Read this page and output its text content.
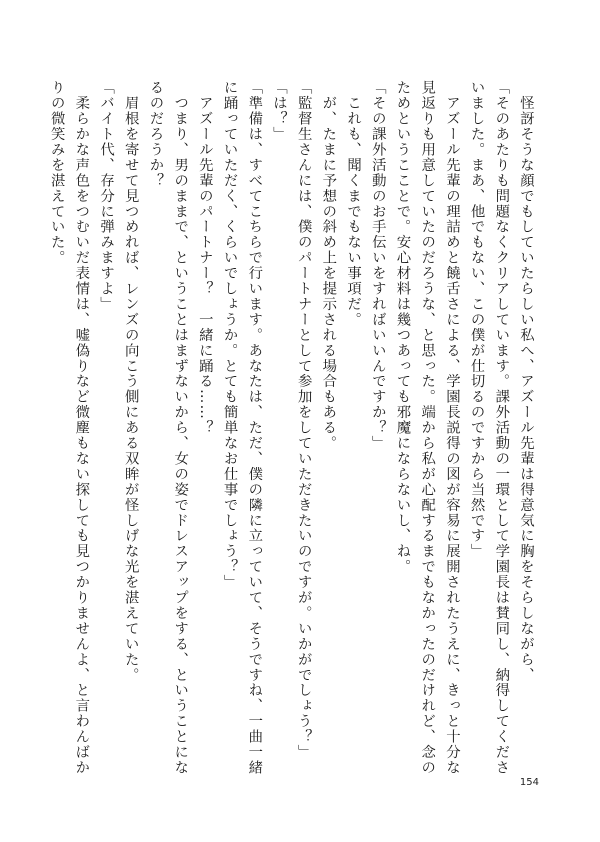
　怪訝そうな顔でもしていたらしい私へ、アズール先輩は得意気に胸をそらしながら、
「そのあたりも問題なくクリアしています。課外活動の一環として学園長は賛同し、納得してくださ
いました。まあ、他でもない、この僕が仕切るのですから当然です」
　アズール先輩の理詰めと饒舌さによる、学園長説得の図が容易に展開されたうえに、きっと十分な
見返りも用意していたのだろうな、と思った。端から私が心配するまでもなかったのだけれど、念の
ためというこことで。安心材料は幾つあっても邪魔にならないし、ね。
「その課外活動のお手伝いをすればいいんですか？」
　これも、聞くまでもない事項だ。
　が、たまに予想の斜め上を提示される場合もある。
「監督生さんには、僕のパートナーとして参加をしていただきたいのですが。いかがでしょう？」
「は？」
「準備は、すべてこちらで行います。あなたは、ただ、僕の隣に立っていて、そうですね、一曲一緒
に踊っていただく、くらいでしょうか。とても簡単なお仕事でしょう？」
　アズール先輩のパートナー？　一緒に踊る……？
　つまり、男のままで、ということはまずないから、女の姿でドレスアップをする、ということにな
るのだろうか？
　眉根を寄せて見つめれば、レンズの向こう側にある双眸が怪しげな光を湛えていた。
「バイト代、存分に弾みますよ」
　柔らかな声色をつむいだ表情は、嘘偽りなど微塵もない探しても見つかりませんよ、と言わんばか
りの微笑みを湛えていた。
154
